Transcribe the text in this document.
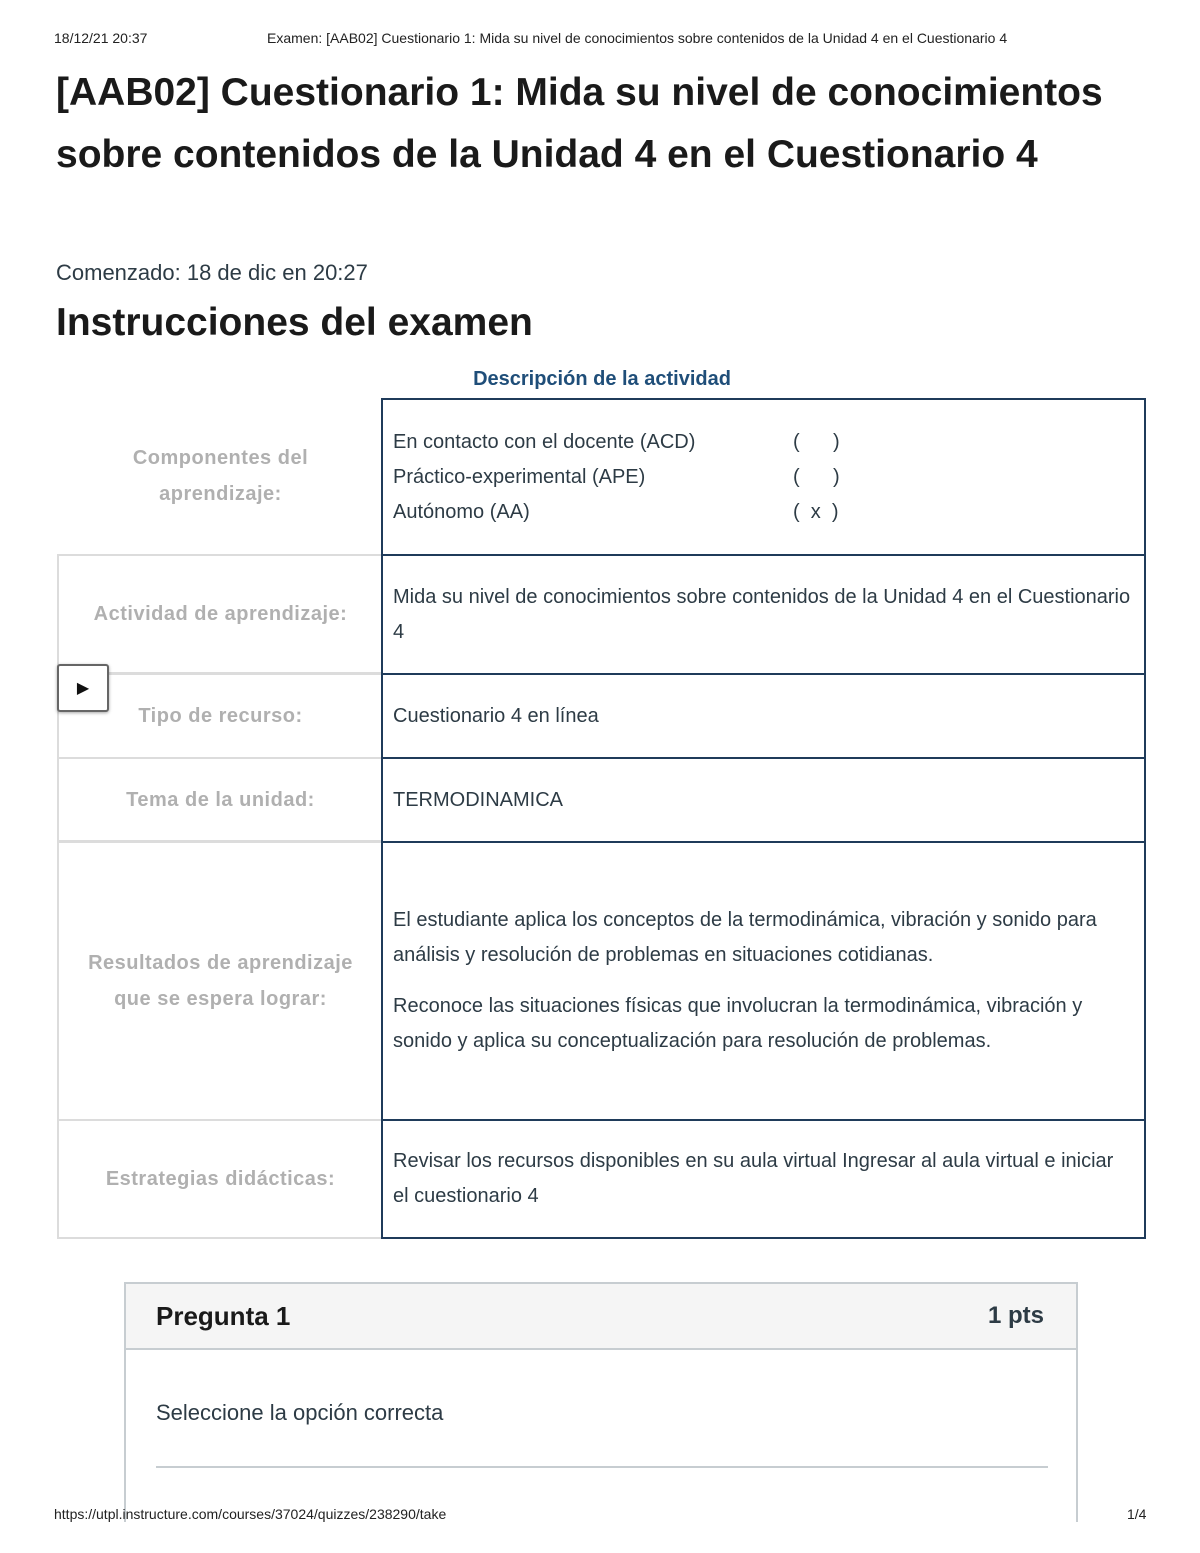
18/12/21 20:37	Examen: [AAB02] Cuestionario 1: Mida su nivel de conocimientos sobre contenidos de la Unidad 4 en el Cuestionario 4
[AAB02] Cuestionario 1: Mida su nivel de conocimientos sobre contenidos de la Unidad 4 en el Cuestionario 4
Comenzado: 18 de dic en 20:27
Instrucciones del examen
Descripción de la actividad
Componentes del aprendizaje:
En contacto con el docente (ACD)	(      )
Práctico-experimental (APE)	(      )
Autónomo (AA)	(  x  )
Actividad de aprendizaje:

Mida su nivel de conocimientos sobre contenidos de la Unidad 4 en el Cuestionario 4

Tipo de recurso:	Cuestionario 4 en línea

Tema de la unidad:	TERMODINAMICA

Resultados de aprendizaje que se espera lograr:

El estudiante aplica los conceptos de la termodinámica, vibración y sonido para análisis y resolución de problemas en situaciones cotidianas.

Reconoce las situaciones físicas que involucran la termodinámica, vibración y sonido y aplica su conceptualización para resolución de problemas.

Estrategias didácticas:

Revisar los recursos disponibles en su aula virtual Ingresar al aula virtual e iniciar el cuestionario 4

▶
Pregunta 1	1 pts
Seleccione la opción correcta
https://utpl.instructure.com/courses/37024/quizzes/238290/take	1/4
